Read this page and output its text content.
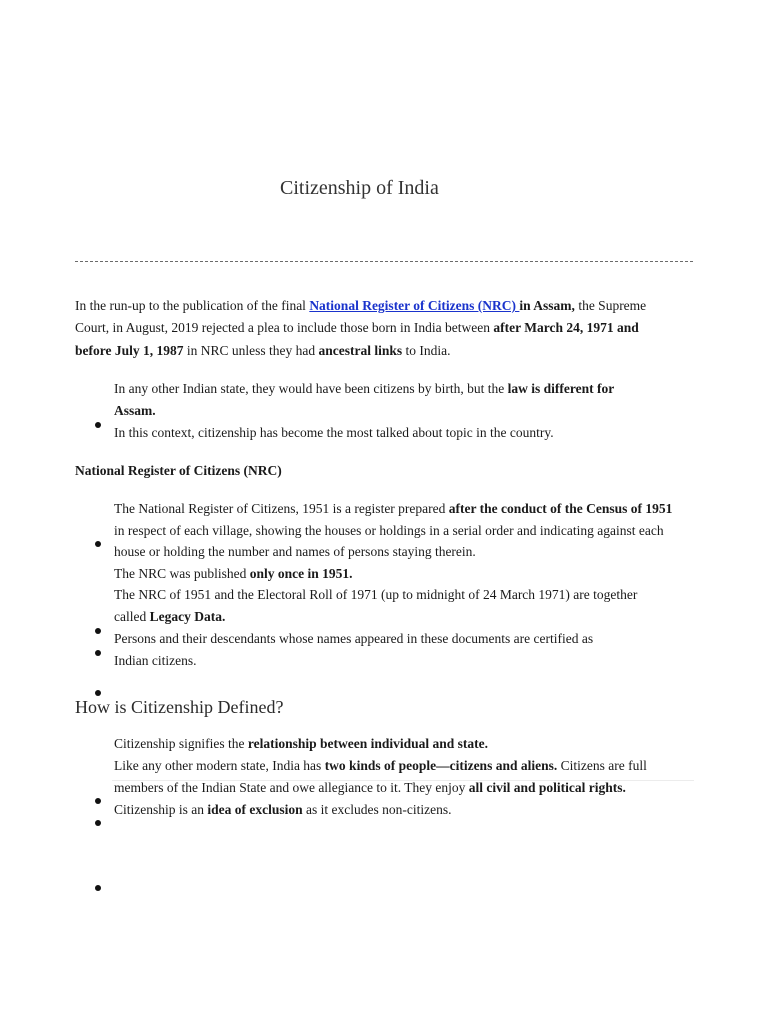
Citizenship of India
In the run-up to the publication of the final National Register of Citizens (NRC) in Assam, the Supreme
Court, in August, 2019 rejected a plea to include those born in India between after March 24, 1971 and
before July 1, 1987 in NRC unless they had ancestral links to India.
In any other Indian state, they would have been citizens by birth, but the law is different for
Assam.
In this context, citizenship has become the most talked about topic in the country.
National Register of Citizens (NRC)
The National Register of Citizens, 1951 is a register prepared after the conduct of the Census of 1951
in respect of each village, showing the houses or holdings in a serial order and indicating against each
house or holding the number and names of persons staying therein.
The NRC was published only once in 1951.
The NRC of 1951 and the Electoral Roll of 1971 (up to midnight of 24 March 1971) are together
called Legacy Data.
Persons and their descendants whose names appeared in these documents are certified as
Indian citizens.
How is Citizenship Defined?
Citizenship signifies the relationship between individual and state.
Like any other modern state, India has two kinds of people—citizens and aliens. Citizens are full
members of the Indian State and owe allegiance to it. They enjoy all civil and political rights.
Citizenship is an idea of exclusion as it excludes non-citizens.
